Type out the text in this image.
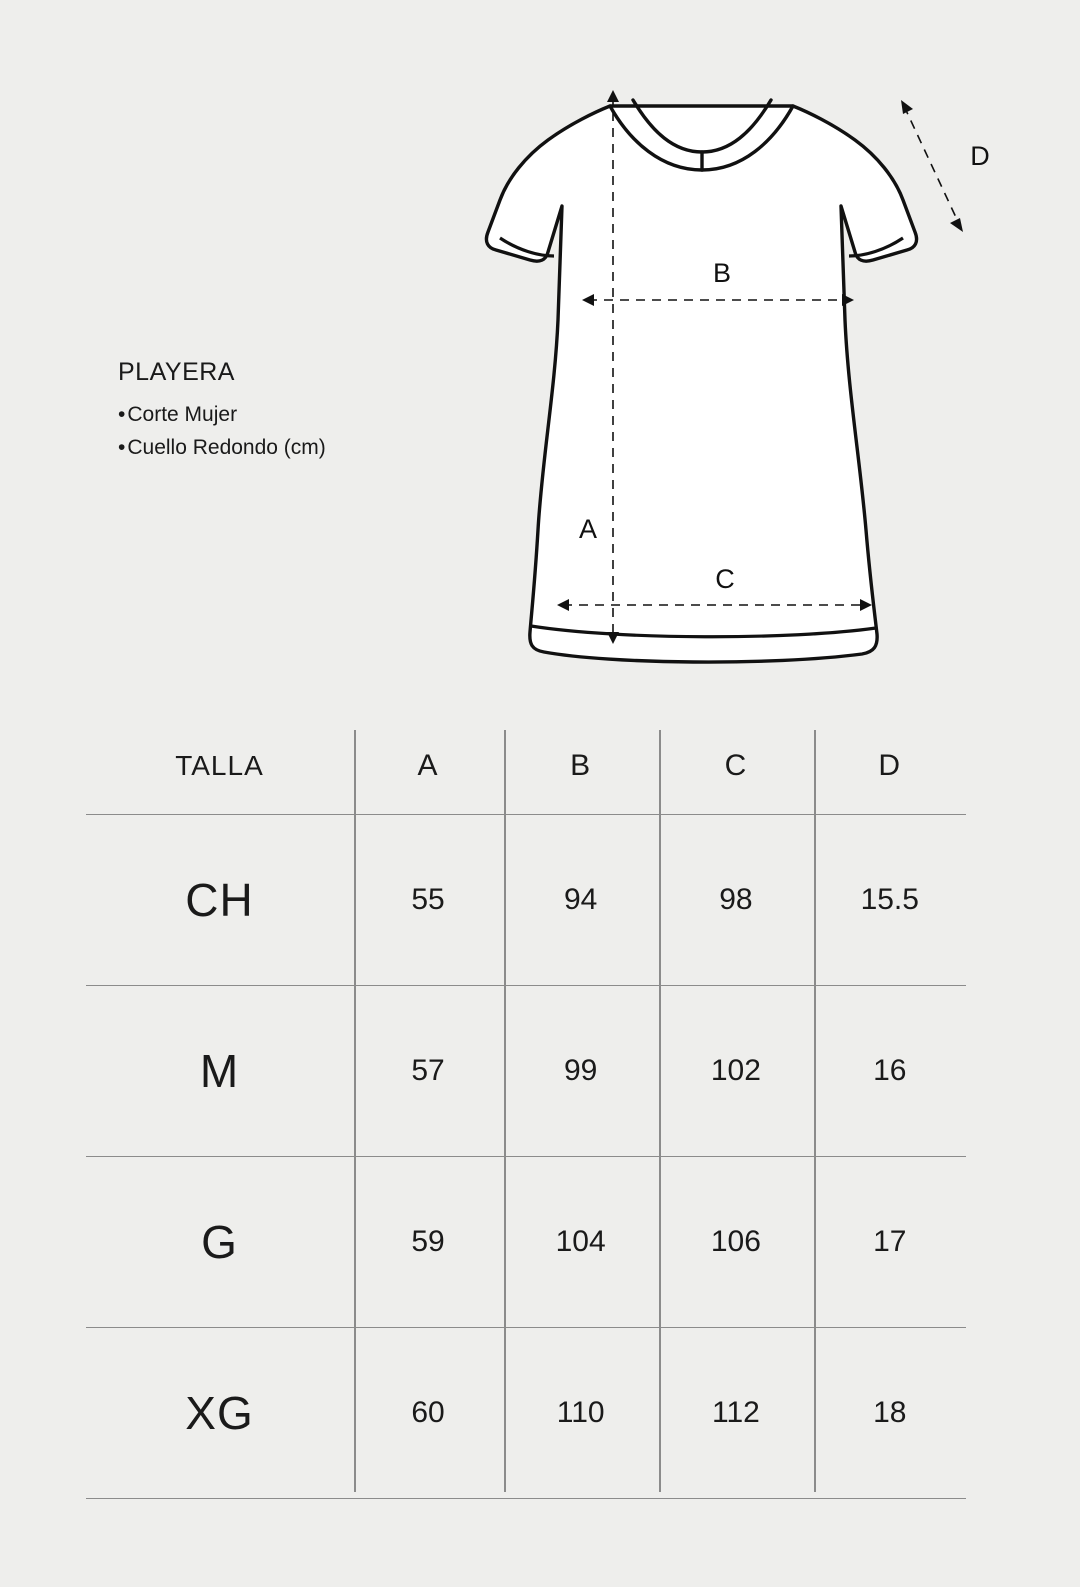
PLAYERA
•Corte Mujer
•Cuello Redondo (cm)
A
B
C
D
TALLA	A	B	C	D
CH	55	94	98	15.5
M	57	99	102	16
G	59	104	106	17
XG	60	110	112	18
